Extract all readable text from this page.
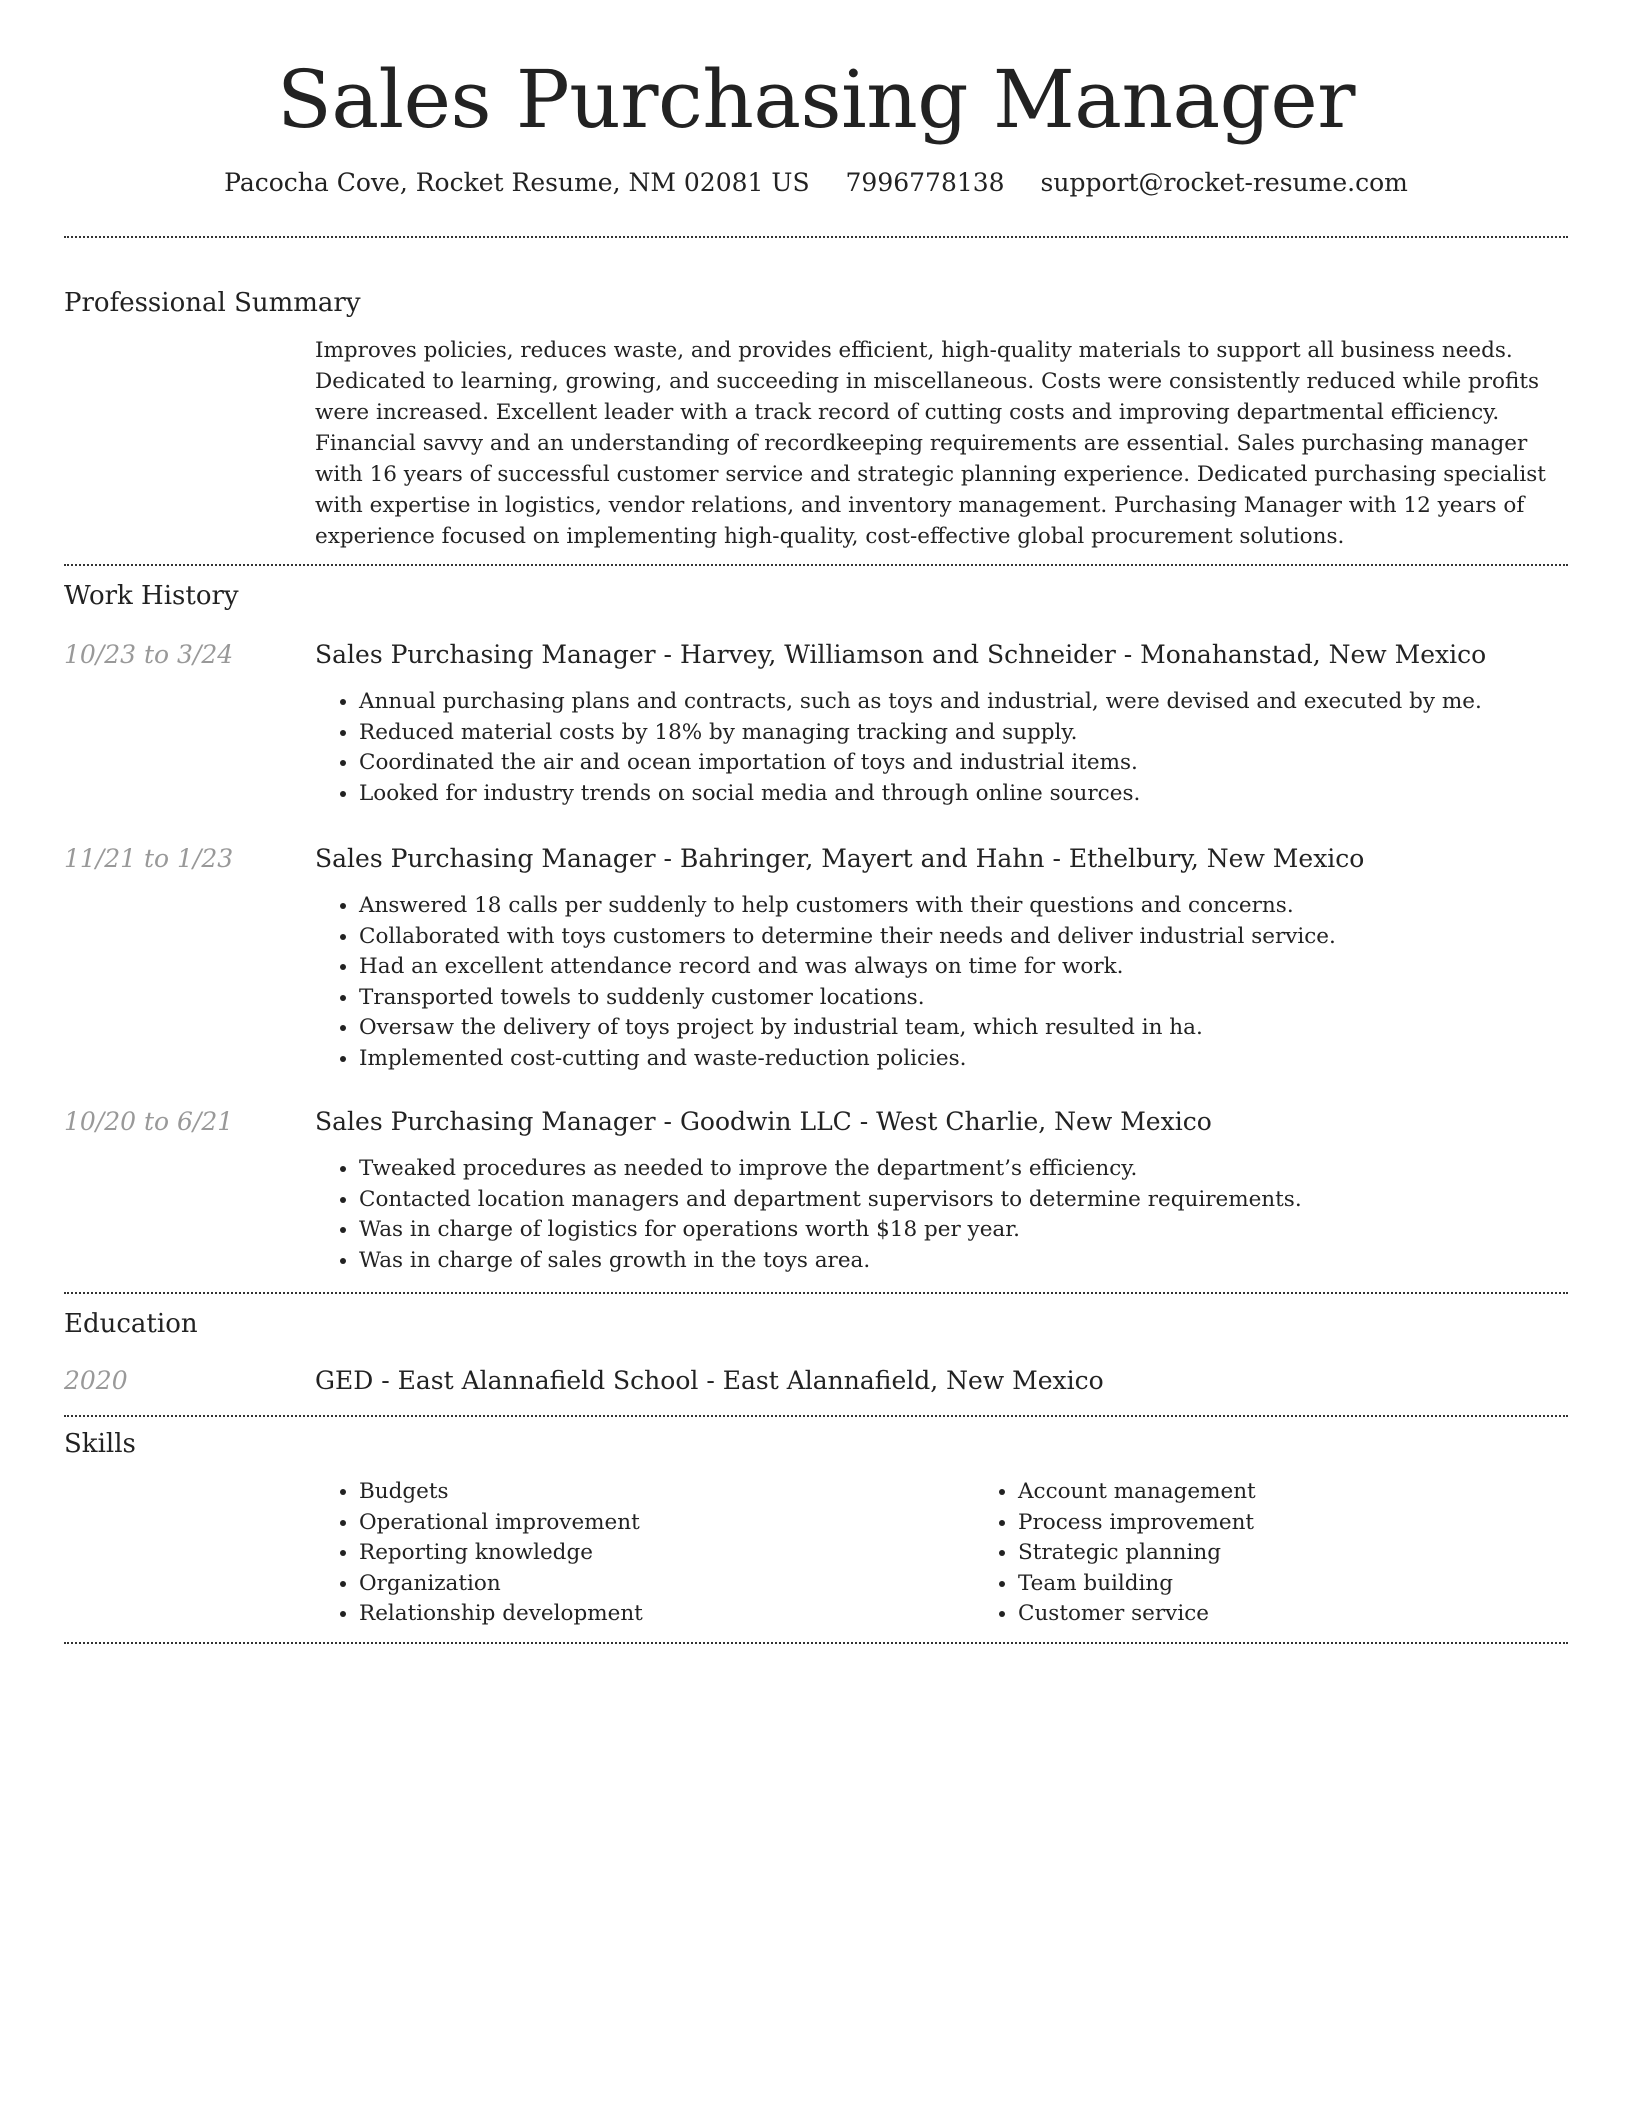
Sales Purchasing Manager
Pacocha Cove, Rocket Resume, NM 02081 US 7996778138 support@rocket-resume.com
Professional Summary

Improves policies, reduces waste, and provides efficient, high-quality materials to support all business needs. Dedicated to learning, growing, and succeeding in miscellaneous. Costs were consistently reduced while profits were increased. Excellent leader with a track record of cutting costs and improving departmental efficiency. Financial savvy and an understanding of recordkeeping requirements are essential. Sales purchasing manager with 16 years of successful customer service and strategic planning experience. Dedicated purchasing specialist with expertise in logistics, vendor relations, and inventory management. Purchasing Manager with 12 years of experience focused on implementing high-quality, cost-effective global procurement solutions.

Work History
10/23 to 3/24	Sales Purchasing Manager - Harvey, Williamson and Schneider - Monahanstad, New Mexico
• Annual purchasing plans and contracts, such as toys and industrial, were devised and executed by me.
• Reduced material costs by 18% by managing tracking and supply.
• Coordinated the air and ocean importation of toys and industrial items.
• Looked for industry trends on social media and through online sources.
11/21 to 1/23	Sales Purchasing Manager - Bahringer, Mayert and Hahn - Ethelbury, New Mexico
• Answered 18 calls per suddenly to help customers with their questions and concerns.
• Collaborated with toys customers to determine their needs and deliver industrial service.
• Had an excellent attendance record and was always on time for work.
• Transported towels to suddenly customer locations.
• Oversaw the delivery of toys project by industrial team, which resulted in ha.
• Implemented cost-cutting and waste-reduction policies.
10/20 to 6/21	Sales Purchasing Manager - Goodwin LLC - West Charlie, New Mexico
• Tweaked procedures as needed to improve the department’s efficiency.
• Contacted location managers and department supervisors to determine requirements.
• Was in charge of logistics for operations worth $18 per year.
• Was in charge of sales growth in the toys area.
Education
2020	GED - East Alannafield School - East Alannafield, New Mexico
Skills
• Budgets
• Operational improvement
• Reporting knowledge
• Organization
• Relationship development
• Account management
• Process improvement
• Strategic planning
• Team building
• Customer service
